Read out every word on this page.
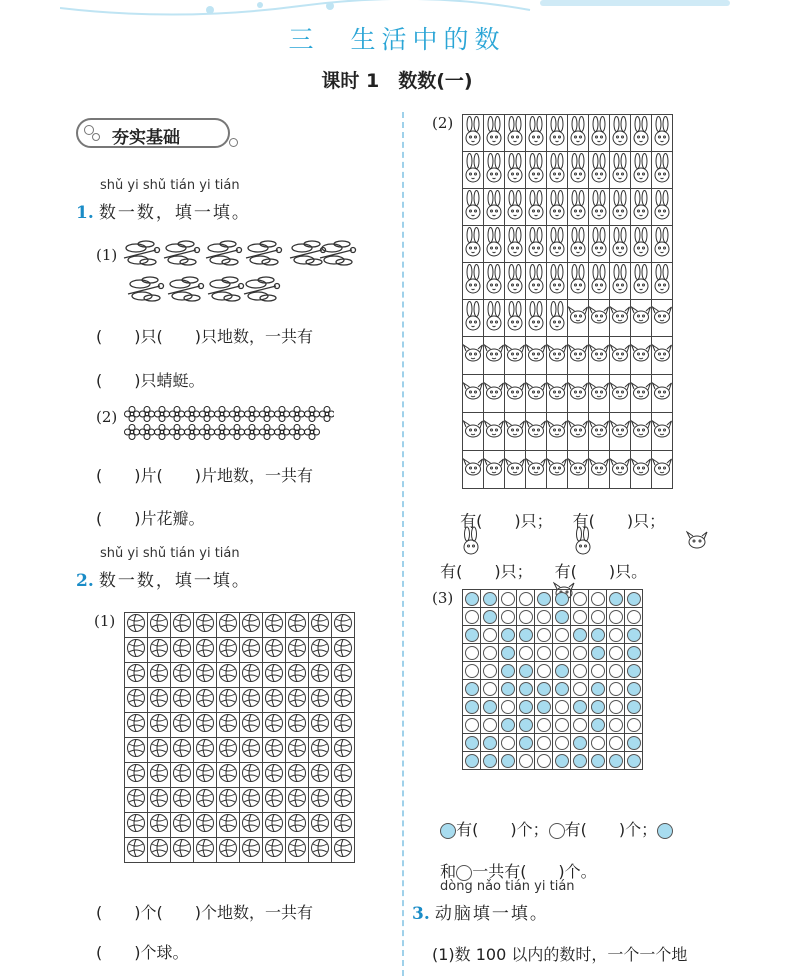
三　生活中的数
课时 1　数数(一)
夯实基础
shǔ yi shǔ tián yi tián
1. 数一数，填一填。
(1)
(　　)只(　　)只地数，一共有
(　　)只蜻蜓。
(2)
(　　)片(　　)片地数，一共有
(　　)片花瓣。
shǔ yi shǔ tián yi tián
2. 数一数，填一填。
(1)

(　　)个(　　)个地数，一共有
(　　)个球。
(2)

有(　　)只；
有(　　)只；

有(　　)只；
有(　　)只。

(3)

有(　　)个； 有(　　)个；

和 一共有(　　)个。

dòng nǎo tián yi tián
3. 动脑填一填。
(1)数 100 以内的数时，一个一个地
